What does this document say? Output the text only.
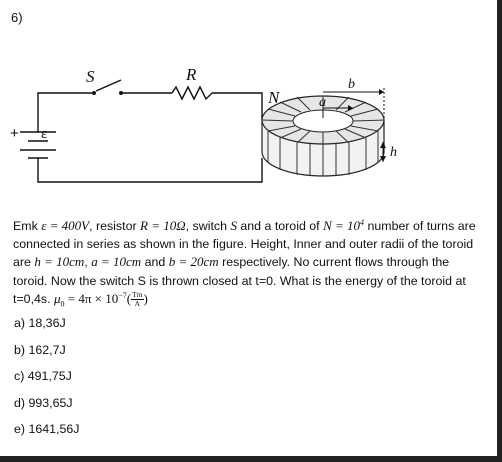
6)
S	R
N	a
b
h
+ ε

Emk ε = 400V, resistor R = 10Ω, switch S and a toroid of $N = 10^4$ number of turns are connected in series as shown in the figure. Height, Inner and outer radii of the toroid are h = 10cm, a = 10cm and b = 20cm respectively. No current flows through the toroid. Now the switch S is thrown closed at t=0. What is the energy of the toroid at t=0,4s. $\mu_0 = 4\pi \times 10^{-7}( \frac{Tm}{A}$ )

a) 18,36J
b) 162,7J
c) 491,75J
d) 993,65J
e) 1641,56J
